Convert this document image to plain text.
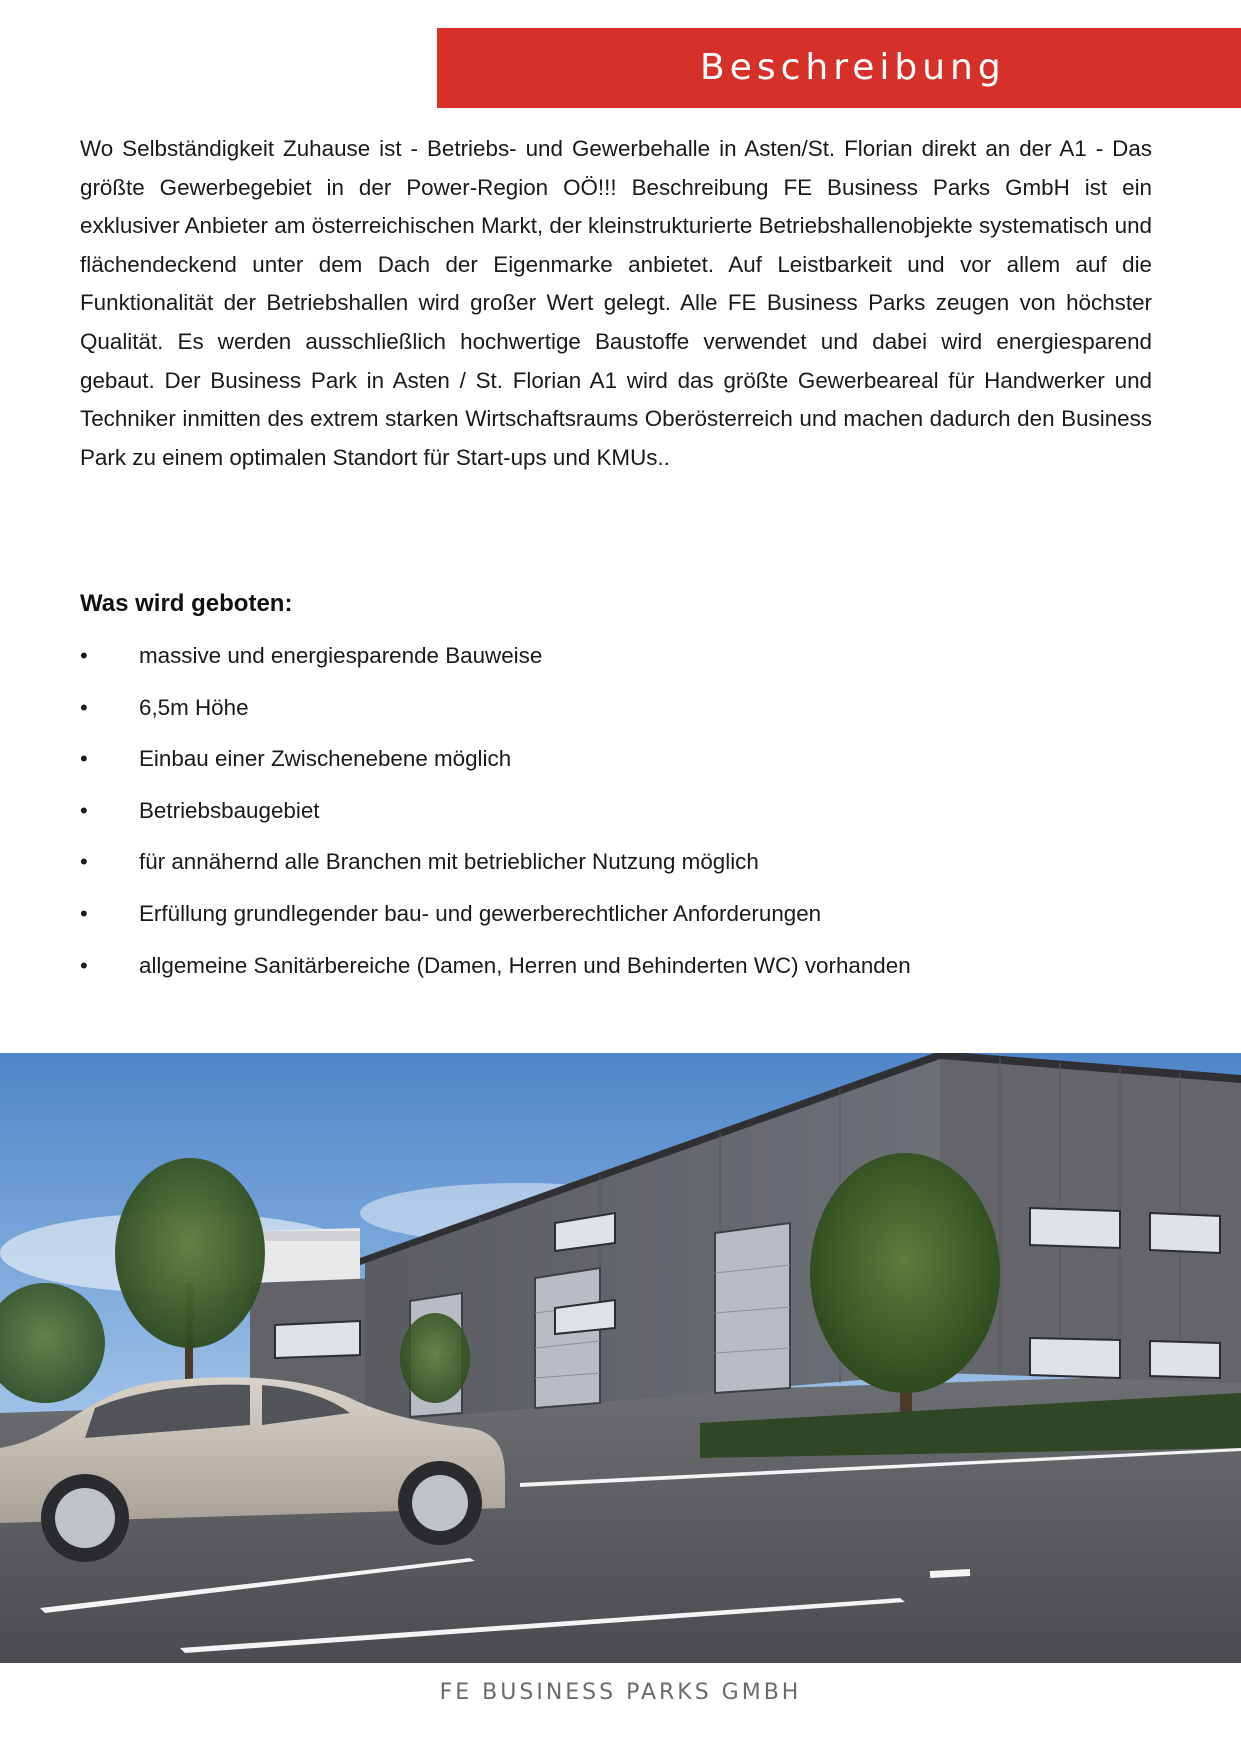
Beschreibung
Wo Selbständigkeit Zuhause ist - Betriebs- und Gewerbehalle in Asten/St. Florian direkt an der A1 - Das größte Gewerbegebiet in der Power-Region OÖ!!! Beschreibung FE Business Parks GmbH ist ein exklusiver Anbieter am österreichischen Markt, der kleinstrukturierte Betriebshallenobjekte systematisch und flächendeckend unter dem Dach der Eigenmarke anbietet. Auf Leistbarkeit und vor allem auf die Funktionalität der Betriebshallen wird großer Wert gelegt. Alle FE Business Parks zeugen von höchster Qualität. Es werden ausschließlich hochwertige Baustoffe verwendet und dabei wird energiesparend gebaut. Der Business Park in Asten / St. Florian A1 wird das größte Gewerbeareal für Handwerker und Techniker inmitten des extrem starken Wirtschaftsraums Oberösterreich und machen dadurch den Business Park zu einem optimalen Standort für Start-ups und KMUs..
Was wird geboten:
•	massive und energiesparende Bauweise
•	6,5m Höhe
•	Einbau einer Zwischenebene möglich
•	Betriebsbaugebiet
•	für annähernd alle Branchen mit betrieblicher Nutzung möglich
•	Erfüllung grundlegender bau- und gewerberechtlicher Anforderungen
•	allgemeine Sanitärbereiche (Damen, Herren und Behinderten WC) vorhanden
FE BUSINESS PARKS GMBH
